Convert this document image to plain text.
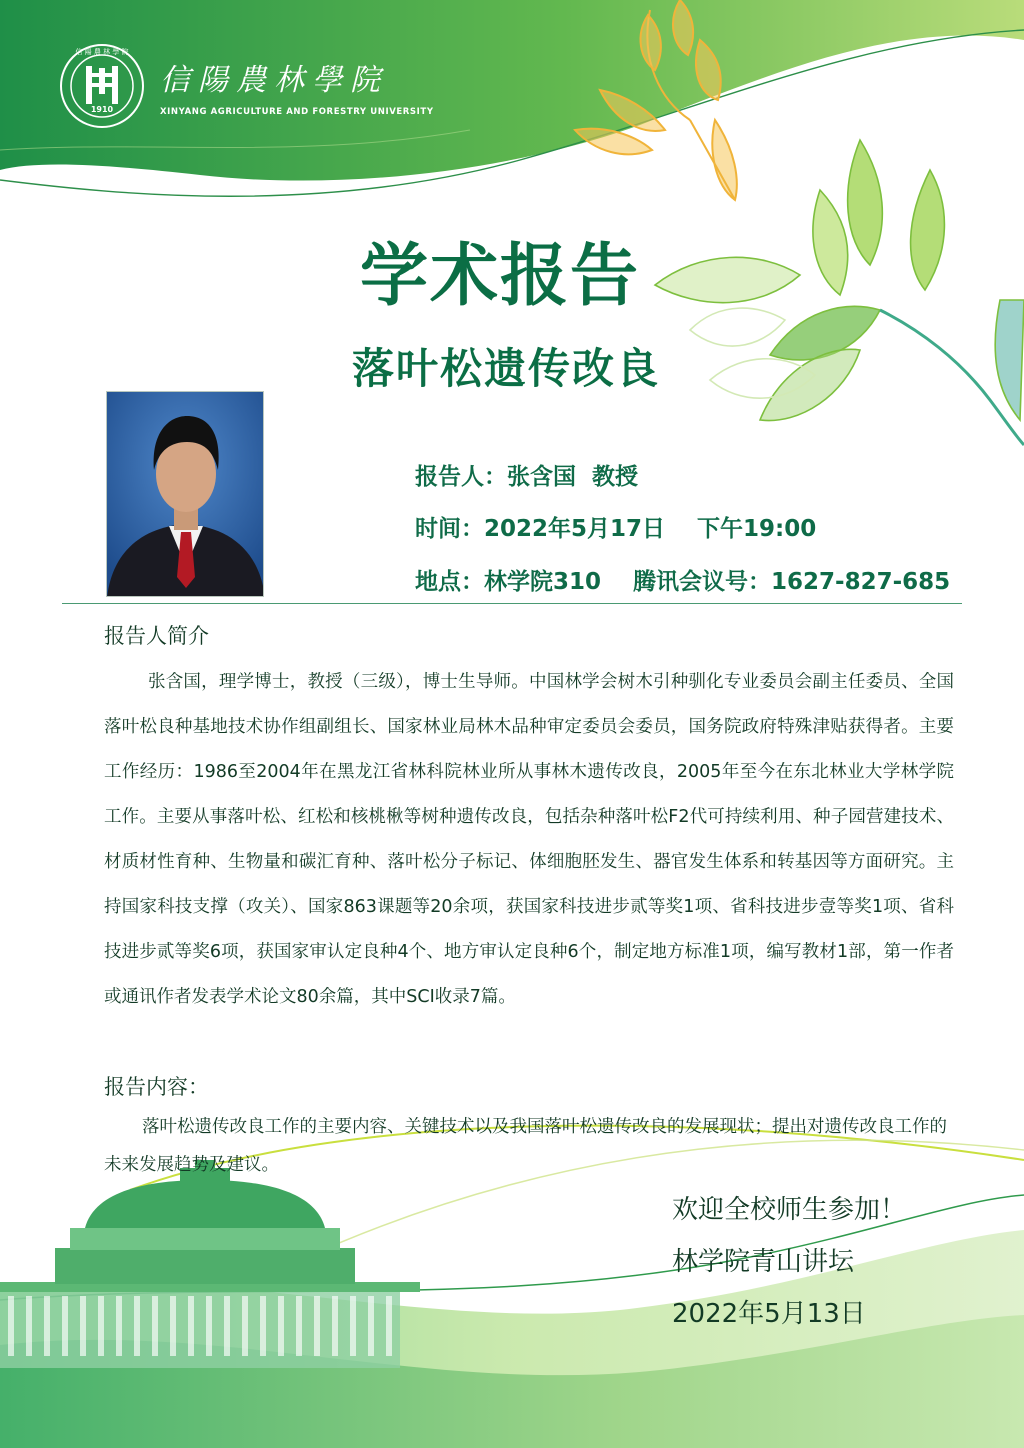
1910
信 陽 農 林 學 院
信陽農林學院
XINYANG AGRICULTURE AND FORESTRY UNIVERSITY
学术报告
落叶松遗传改良
报告人：张含国  教授
时间：2022年5月17日    下午19:00
地点：林学院310    腾讯会议号：1627-827-685
报告人简介
张含国，理学博士，教授（三级），博士生导师。中国林学会树木引种驯化专业委员会副主任委员、全国落叶松良种基地技术协作组副组长、国家林业局林木品种审定委员会委员，国务院政府特殊津贴获得者。主要工作经历：1986至2004年在黑龙江省林科院林业所从事林木遗传改良，2005年至今在东北林业大学林学院工作。主要从事落叶松、红松和核桃楸等树种遗传改良，包括杂种落叶松F2代可持续利用、种子园营建技术、材质材性育种、生物量和碳汇育种、落叶松分子标记、体细胞胚发生、器官发生体系和转基因等方面研究。主持国家科技支撑（攻关）、国家863课题等20余项，获国家科技进步贰等奖1项、省科技进步壹等奖1项、省科技进步贰等奖6项，获国家审认定良种4个、地方审认定良种6个，制定地方标准1项，编写教材1部，第一作者或通讯作者发表学术论文80余篇，其中SCI收录7篇。
报告内容：
落叶松遗传改良工作的主要内容、关键技术以及我国落叶松遗传改良的发展现状；提出对遗传改良工作的未来发展趋势及建议。
欢迎全校师生参加！
林学院青山讲坛
2022年5月13日
